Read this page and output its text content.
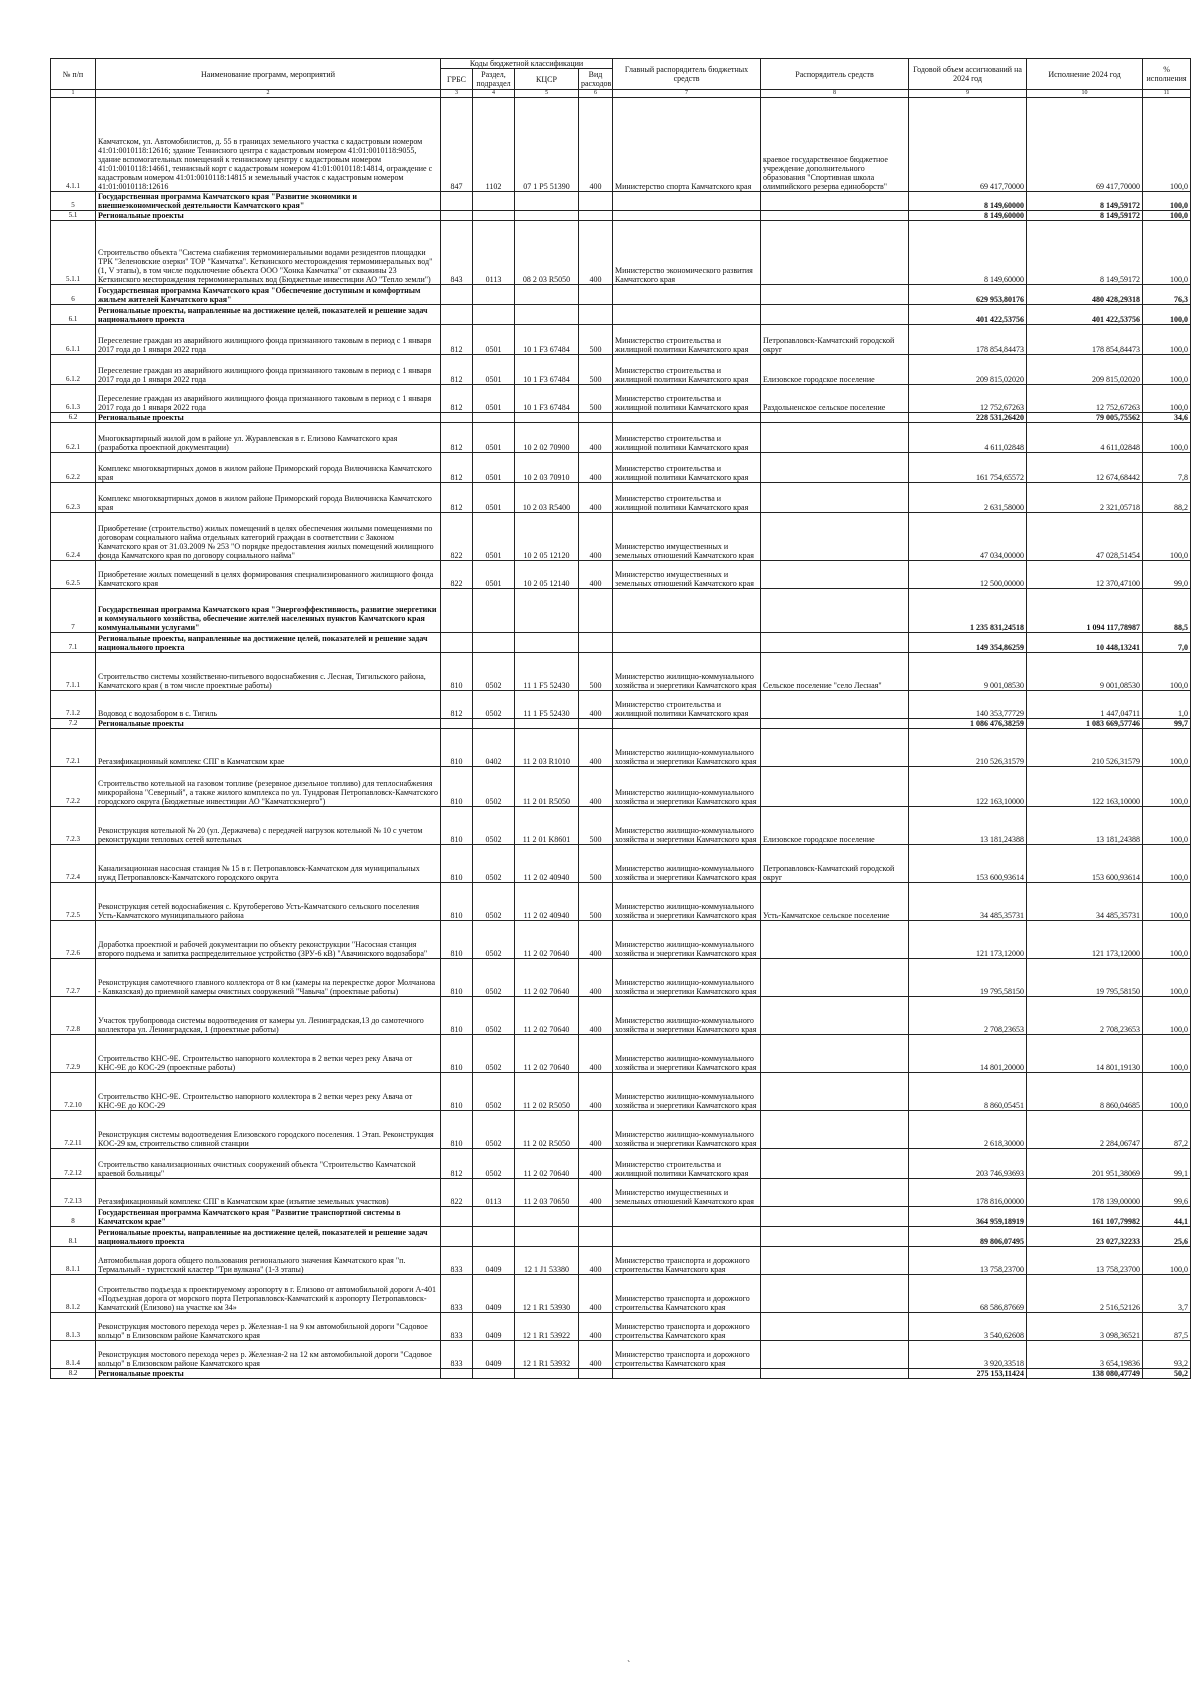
№ п/п	Наименование программ, мероприятий	Коды бюджетной классификации				Главный распорядитель бюджетных средств	Распорядитель средств	Годовой объем ассигнований на 2024 год	Исполнение 2024 год	% исполнения
		ГРБС	Раздел, подраздел	КЦСР	Вид расходов					
1	2	3	4	5	6	7	8	9	10	11
4.1.1	Камчатском, ул. Автомобилистов, д. 55 в границах земельного участка с кадастровым номером 41:01:0010118:12616; здание Теннисного центра с кадастровым номером 41:01:0010118:9055, здание вспомогательных помещений к теннисному центру с кадастровым номером 41:01:0010118:14661, теннисный корт с кадастровым номером 41:01:0010118:14814, ограждение с кадастровым номером 41:01:0010118:14815 и земельный участок с кадастровым номером 41:01:0010118:12616	847	1102	07 1 P5 51390	400	Министерство спорта Камчатского края	краевое государственное бюджетное учреждение дополнительного образования "Спортивная школа олимпийского резерва единоборств"	69 417,70000	69 417,70000	100,0
5	Государственная программа Камчатского края "Развитие экономики и внешнеэкономической деятельности Камчатского края"							8 149,60000	8 149,59172	100,0
5.1	Региональные проекты							8 149,60000	8 149,59172	100,0
5.1.1	Строительство объекта "Система снабжения термоминеральными водами резидентов площадки ТРК "Зеленовские озерки" ТОР "Камчатка". Кеткинского месторождения термоминеральных вод" (1, V этапы), в том числе подключение объекта ООО "Хонка Камчатка" от скважины 23 Кеткинского месторождения термоминеральных вод (Бюджетные инвестиции АО "Тепло земли")	843	0113	08 2 03 R5050	400	Министерство экономического развития Камчатского края		8 149,60000	8 149,59172	100,0
6	Государственная программа Камчатского края "Обеспечение доступным и комфортным жильем жителей Камчатского края"							629 953,80176	480 428,29318	76,3
6.1	Региональные проекты, направленные на достижение целей, показателей и решение задач национального проекта							401 422,53756	401 422,53756	100,0
6.1.1	Переселение граждан из аварийного жилищного фонда признанного таковым в период с 1 января 2017 года до 1 января 2022 года	812	0501	10 1 F3 67484	500	Министерство строительства и жилищной политики Камчатского края	Петропавловск-Камчатский городской округ	178 854,84473	178 854,84473	100,0
6.1.2	Переселение граждан из аварийного жилищного фонда признанного таковым в период с 1 января 2017 года до 1 января 2022 года	812	0501	10 1 F3 67484	500	Министерство строительства и жилищной политики Камчатского края	Елизовское городское поселение	209 815,02020	209 815,02020	100,0
6.1.3	Переселение граждан из аварийного жилищного фонда признанного таковым в период с 1 января 2017 года до 1 января 2022 года	812	0501	10 1 F3 67484	500	Министерство строительства и жилищной политики Камчатского края	Раздольненское сельское поселение	12 752,67263	12 752,67263	100,0
6.2	Региональные проекты							228 531,26420	79 005,75562	34,6
6.2.1	Многоквартирный жилой дом в районе ул. Журавлевская в г. Елизово Камчатского края (разработка проектной документации)	812	0501	10 2 02 70900	400	Министерство строительства и жилищной политики Камчатского края		4 611,02848	4 611,02848	100,0
6.2.2	Комплекс многоквартирных домов в жилом районе Приморский города Вилючинска Камчатского края	812	0501	10 2 03 70910	400	Министерство строительства и жилищной политики Камчатского края		161 754,65572	12 674,68442	7,8
6.2.3	Комплекс многоквартирных домов в жилом районе Приморский города Вилючинска Камчатского края	812	0501	10 2 03 R5400	400	Министерство строительства и жилищной политики Камчатского края		2 631,58000	2 321,05718	88,2
6.2.4	Приобретение (строительство) жилых помещений в целях обеспечения жилыми помещениями по договорам социального найма отдельных категорий граждан в соответствии с Законом Камчатского края от 31.03.2009 № 253 "О порядке предоставления жилых помещений жилищного фонда Камчатского края по договору социального найма"	822	0501	10 2 05 12120	400	Министерство имущественных и земельных отношений Камчатского края		47 034,00000	47 028,51454	100,0
6.2.5	Приобретение жилых помещений в целях формирования специализированного жилищного фонда Камчатского края	822	0501	10 2 05 12140	400	Министерство имущественных и земельных отношений Камчатского края		12 500,00000	12 370,47100	99,0
7	Государственная программа Камчатского края "Энергоэффективность, развитие энергетики и коммунального хозяйства, обеспечение жителей населенных пунктов Камчатского края коммунальными услугами"							1 235 831,24518	1 094 117,78987	88,5
7.1	Региональные проекты, направленные на достижение целей, показателей и решение задач национального проекта							149 354,86259	10 448,13241	7,0
7.1.1	Строительство системы хозяйственно-питьевого водоснабжения с. Лесная, Тигильского района, Камчатского края ( в том числе проектные работы)	810	0502	11 1 F5 52430	500	Министерство жилищно-коммунального хозяйства и энергетики Камчатского края	Сельское поселение "село Лесная"	9 001,08530	9 001,08530	100,0
7.1.2	Водовод с водозабором в с. Тигиль	812	0502	11 1 F5 52430	400	Министерство строительства и жилищной политики Камчатского края		140 353,77729	1 447,04711	1,0
7.2	Региональные проекты							1 086 476,38259	1 083 669,57746	99,7
7.2.1	Регазификационный комплекс СПГ в Камчатском крае	810	0402	11 2 03 R1010	400	Министерство жилищно-коммунального хозяйства и энергетики Камчатского края		210 526,31579	210 526,31579	100,0
7.2.2	Строительство котельной на газовом топливе (резервное дизельное топливо) для теплоснабжения микрорайона "Северный", а также жилого комплекса по ул. Тундровая Петропавловск-Камчатского городского округа (Бюджетные инвестиции АО "Камчатскэнерго")	810	0502	11 2 01 R5050	400	Министерство жилищно-коммунального хозяйства и энергетики Камчатского края		122 163,10000	122 163,10000	100,0
7.2.3	Реконструкция котельной № 20 (ул. Держачева) с передачей нагрузок котельной № 10 с учетом реконструкции тепловых сетей котельных	810	0502	11 2 01 K8601	500	Министерство жилищно-коммунального хозяйства и энергетики Камчатского края	Елизовское городское поселение	13 181,24388	13 181,24388	100,0
7.2.4	Канализационная насосная станция № 15 в г. Петропавловск-Камчатском для муниципальных нужд Петропавловск-Камчатского городского округа	810	0502	11 2 02 40940	500	Министерство жилищно-коммунального хозяйства и энергетики Камчатского края	Петропавловск-Камчатский городской округ	153 600,93614	153 600,93614	100,0
7.2.5	Реконструкция сетей водоснабжения с. Крутоберегово Усть-Камчатского сельского поселения Усть-Камчатского муниципального района	810	0502	11 2 02 40940	500	Министерство жилищно-коммунального хозяйства и энергетики Камчатского края	Усть-Камчатское сельское поселение	34 485,35731	34 485,35731	100,0
7.2.6	Доработка проектной и рабочей документации по объекту реконструкции "Насосная станция второго подъема и запитка распределительное устройство (ЗРУ-6 кВ) "Авачинского водозабора"	810	0502	11 2 02 70640	400	Министерство жилищно-коммунального хозяйства и энергетики Камчатского края		121 173,12000	121 173,12000	100,0
7.2.7	Реконструкция самотечного главного коллектора от 8 км (камеры на перекрестке дорог Молчанова - Кавказская) до приемной камеры очистных сооружений "Чавыча" (проектные работы)	810	0502	11 2 02 70640	400	Министерство жилищно-коммунального хозяйства и энергетики Камчатского края		19 795,58150	19 795,58150	100,0
7.2.8	Участок трубопровода системы водоотведения от камеры ул. Ленинградская,13 до самотечного коллектора ул. Ленинградская, 1 (проектные работы)	810	0502	11 2 02 70640	400	Министерство жилищно-коммунального хозяйства и энергетики Камчатского края		2 708,23653	2 708,23653	100,0
7.2.9	Строительство КНС-9Е. Строительство напорного коллектора в 2 ветки через реку Авача от КНС-9Е до КОС-29 (проектные работы)	810	0502	11 2 02 70640	400	Министерство жилищно-коммунального хозяйства и энергетики Камчатского края		14 801,20000	14 801,19130	100,0
7.2.10	Строительство КНС-9Е. Строительство напорного коллектора в 2 ветки через реку Авача от КНС-9Е до КОС-29	810	0502	11 2 02 R5050	400	Министерство жилищно-коммунального хозяйства и энергетики Камчатского края		8 860,05451	8 860,04685	100,0
7.2.11	Реконструкция системы водоотведения Елизовского городского поселения. 1 Этап. Реконструкция КОС-29 км, строительство сливной станции	810	0502	11 2 02 R5050	400	Министерство жилищно-коммунального хозяйства и энергетики Камчатского края		2 618,30000	2 284,06747	87,2
7.2.12	Строительство канализационных очистных сооружений объекта "Строительство Камчатской краевой больницы"	812	0502	11 2 02 70640	400	Министерство строительства и жилищной политики Камчатского края		203 746,93693	201 951,38069	99,1
7.2.13	Регазификационный комплекс СПГ в Камчатском крае (изъятие земельных участков)	822	0113	11 2 03 70650	400	Министерство имущественных и земельных отношений Камчатского края		178 816,00000	178 139,00000	99,6
8	Государственная программа Камчатского края "Развитие транспортной системы в Камчатском крае"							364 959,18919	161 107,79982	44,1
8.1	Региональные проекты, направленные на достижение целей, показателей и решение задач национального проекта							89 806,07495	23 027,32233	25,6
8.1.1	Автомобильная дорога общего пользования регионального значения Камчатского края "п. Термальный - туристский кластер "Три вулкана" (1-3 этапы)	833	0409	12 1 J1 53380	400	Министерство транспорта и дорожного строительства Камчатского края		13 758,23700	13 758,23700	100,0
8.1.2	Строительство подъезда к проектируемому аэропорту в г. Елизово от автомобильной дороги А-401 «Подъездная дорога от морского порта Петропавловск-Камчатский к аэропорту Петропавловск-Камчатский (Елизово) на участке км 34»	833	0409	12 1 R1 53930	400	Министерство транспорта и дорожного строительства Камчатского края		68 586,87669	2 516,52126	3,7
8.1.3	Реконструкция мостового перехода через р. Железная-1 на 9 км автомобильной дороги "Садовое кольцо" в Елизовском районе Камчатского края	833	0409	12 1 R1 53922	400	Министерство транспорта и дорожного строительства Камчатского края		3 540,62608	3 098,36521	87,5
8.1.4	Реконструкция мостового перехода через р. Железная-2 на 12 км автомобильной дороги "Садовое кольцо" в Елизовском районе Камчатского края	833	0409	12 1 R1 53932	400	Министерство транспорта и дорожного строительства Камчатского края		3 920,33518	3 654,19836	93,2
8.2	Региональные проекты							275 153,11424	138 080,47749	50,2
`
